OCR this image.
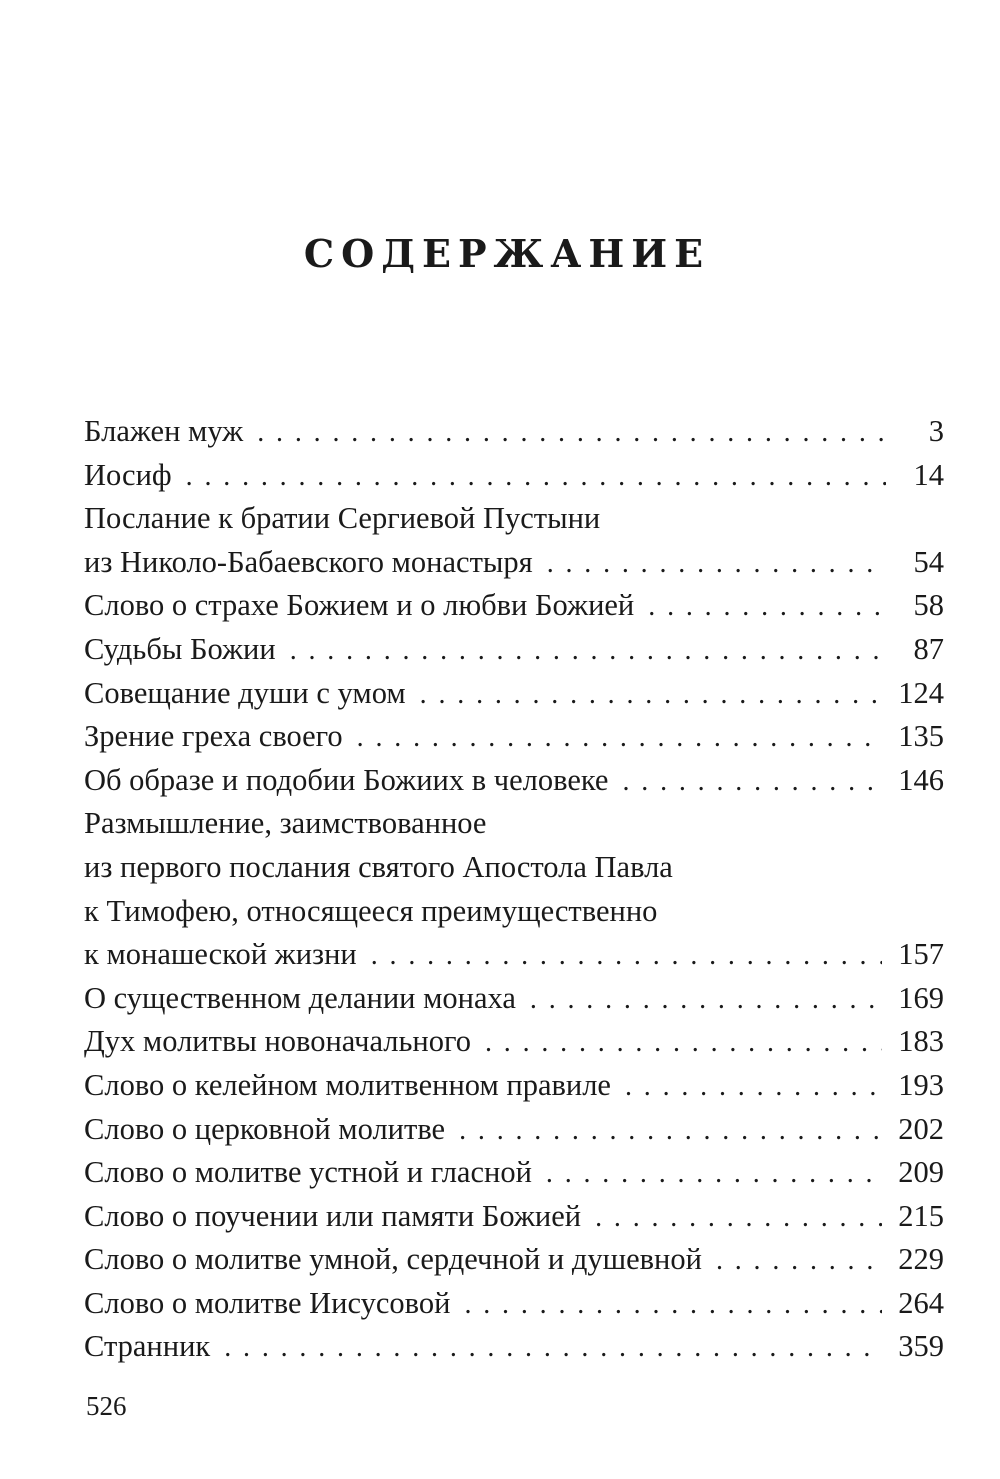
СОДЕРЖАНИЕ
Блажен муж . . .	3
Иосиф . . .	14
Послание к братии Сергиевой Пустыни
из Николо-Бабаевского монастыря . . .	54
Слово о страхе Божием и о любви Божией . . .	58
Судьбы Божии . . .	87
Совещание души с умом . . .	124
Зрение греха своего . . .	135
Об образе и подобии Божиих в человеке . . .	146
Размышление, заимствованное
из первого послания святого Апостола Павла
к Тимофею, относящееся преимущественно
к монашеской жизни . . .	157
О существенном делании монаха . . .	169
Дух молитвы новоначального . . .	183
Слово о келейном молитвенном правиле . . .	193
Слово о церковной молитве . . .	202
Слово о молитве устной и гласной . . .	209
Слово о поучении или памяти Божией . . .	215
Слово о молитве умной, сердечной и душевной . . .	229
Слово о молитве Иисусовой . . .	264
Странник . . .	359
526
